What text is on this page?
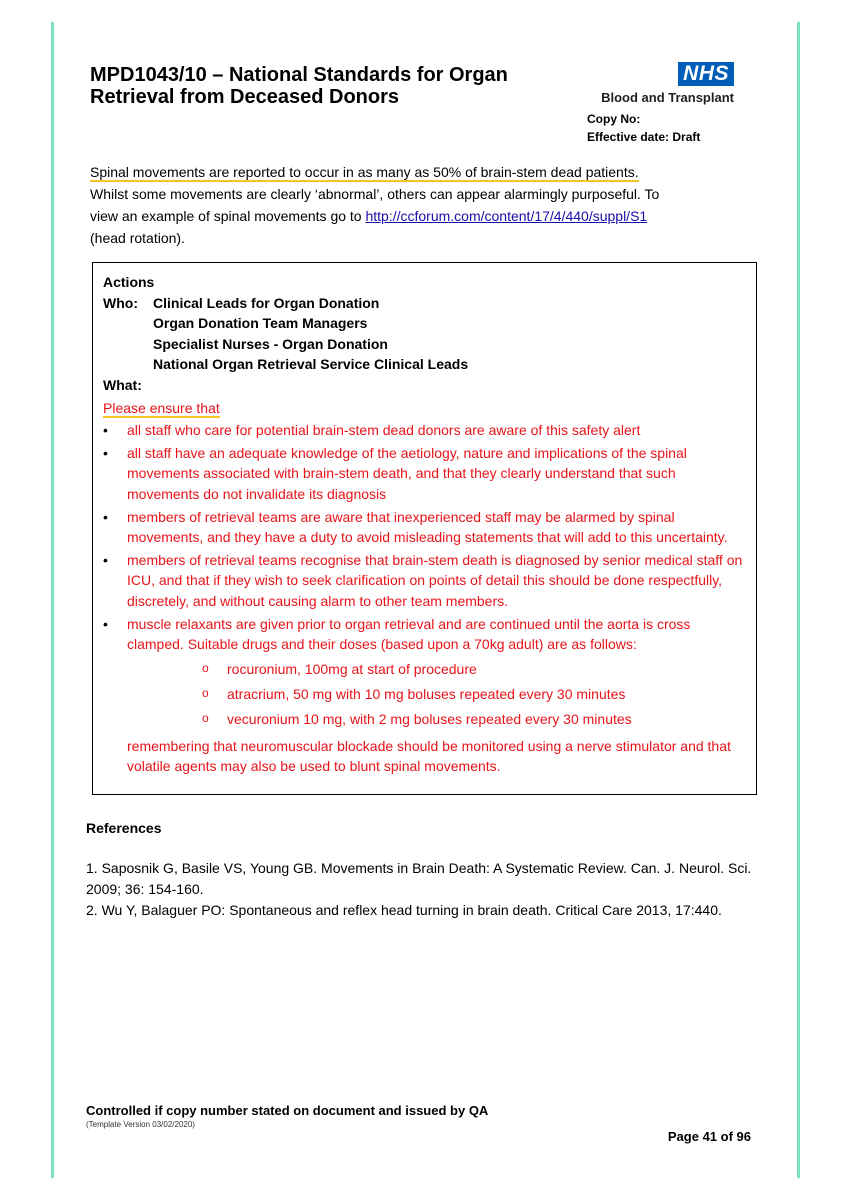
MPD1043/10 – National Standards for Organ Retrieval from Deceased Donors
NHS
Blood and Transplant
Copy No:
Effective date: Draft
Spinal movements are reported to occur in as many as 50% of brain-stem dead patients.
Whilst some movements are clearly ‘abnormal’, others can appear alarmingly purposeful. To view an example of spinal movements go to http://ccforum.com/content/17/4/440/suppl/S1
(head rotation).
Actions
Who:	Clinical Leads for Organ Donation
Organ Donation Team Managers
Specialist Nurses - Organ Donation
National Organ Retrieval Service Clinical Leads
What:
Please ensure that
• all staff who care for potential brain-stem dead donors are aware of this safety alert
• all staff have an adequate knowledge of the aetiology, nature and implications of the spinal movements associated with brain-stem death, and that they clearly understand that such movements do not invalidate its diagnosis
• members of retrieval teams are aware that inexperienced staff may be alarmed by spinal movements, and they have a duty to avoid misleading statements that will add to this uncertainty.
• members of retrieval teams recognise that brain-stem death is diagnosed by senior medical staff on ICU, and that if they wish to seek clarification on points of detail this should be done respectfully, discretely, and without causing alarm to other team members.
• muscle relaxants are given prior to organ retrieval and are continued until the aorta is cross clamped. Suitable drugs and their doses (based upon a 70kg adult) are as follows:
o rocuronium, 100mg at start of procedure
o atracrium, 50 mg with 10 mg boluses repeated every 30 minutes
o vecuronium 10 mg, with 2 mg boluses repeated every 30 minutes
remembering that neuromuscular blockade should be monitored using a nerve stimulator and that volatile agents may also be used to blunt spinal movements.
References
1. Saposnik G, Basile VS, Young GB. Movements in Brain Death: A Systematic Review. Can. J. Neurol. Sci. 2009; 36: 154-160.
2. Wu Y, Balaguer PO: Spontaneous and reflex head turning in brain death. Critical Care 2013, 17:440.
Controlled if copy number stated on document and issued by QA
(Template Version 03/02/2020)
Page 41 of 96
